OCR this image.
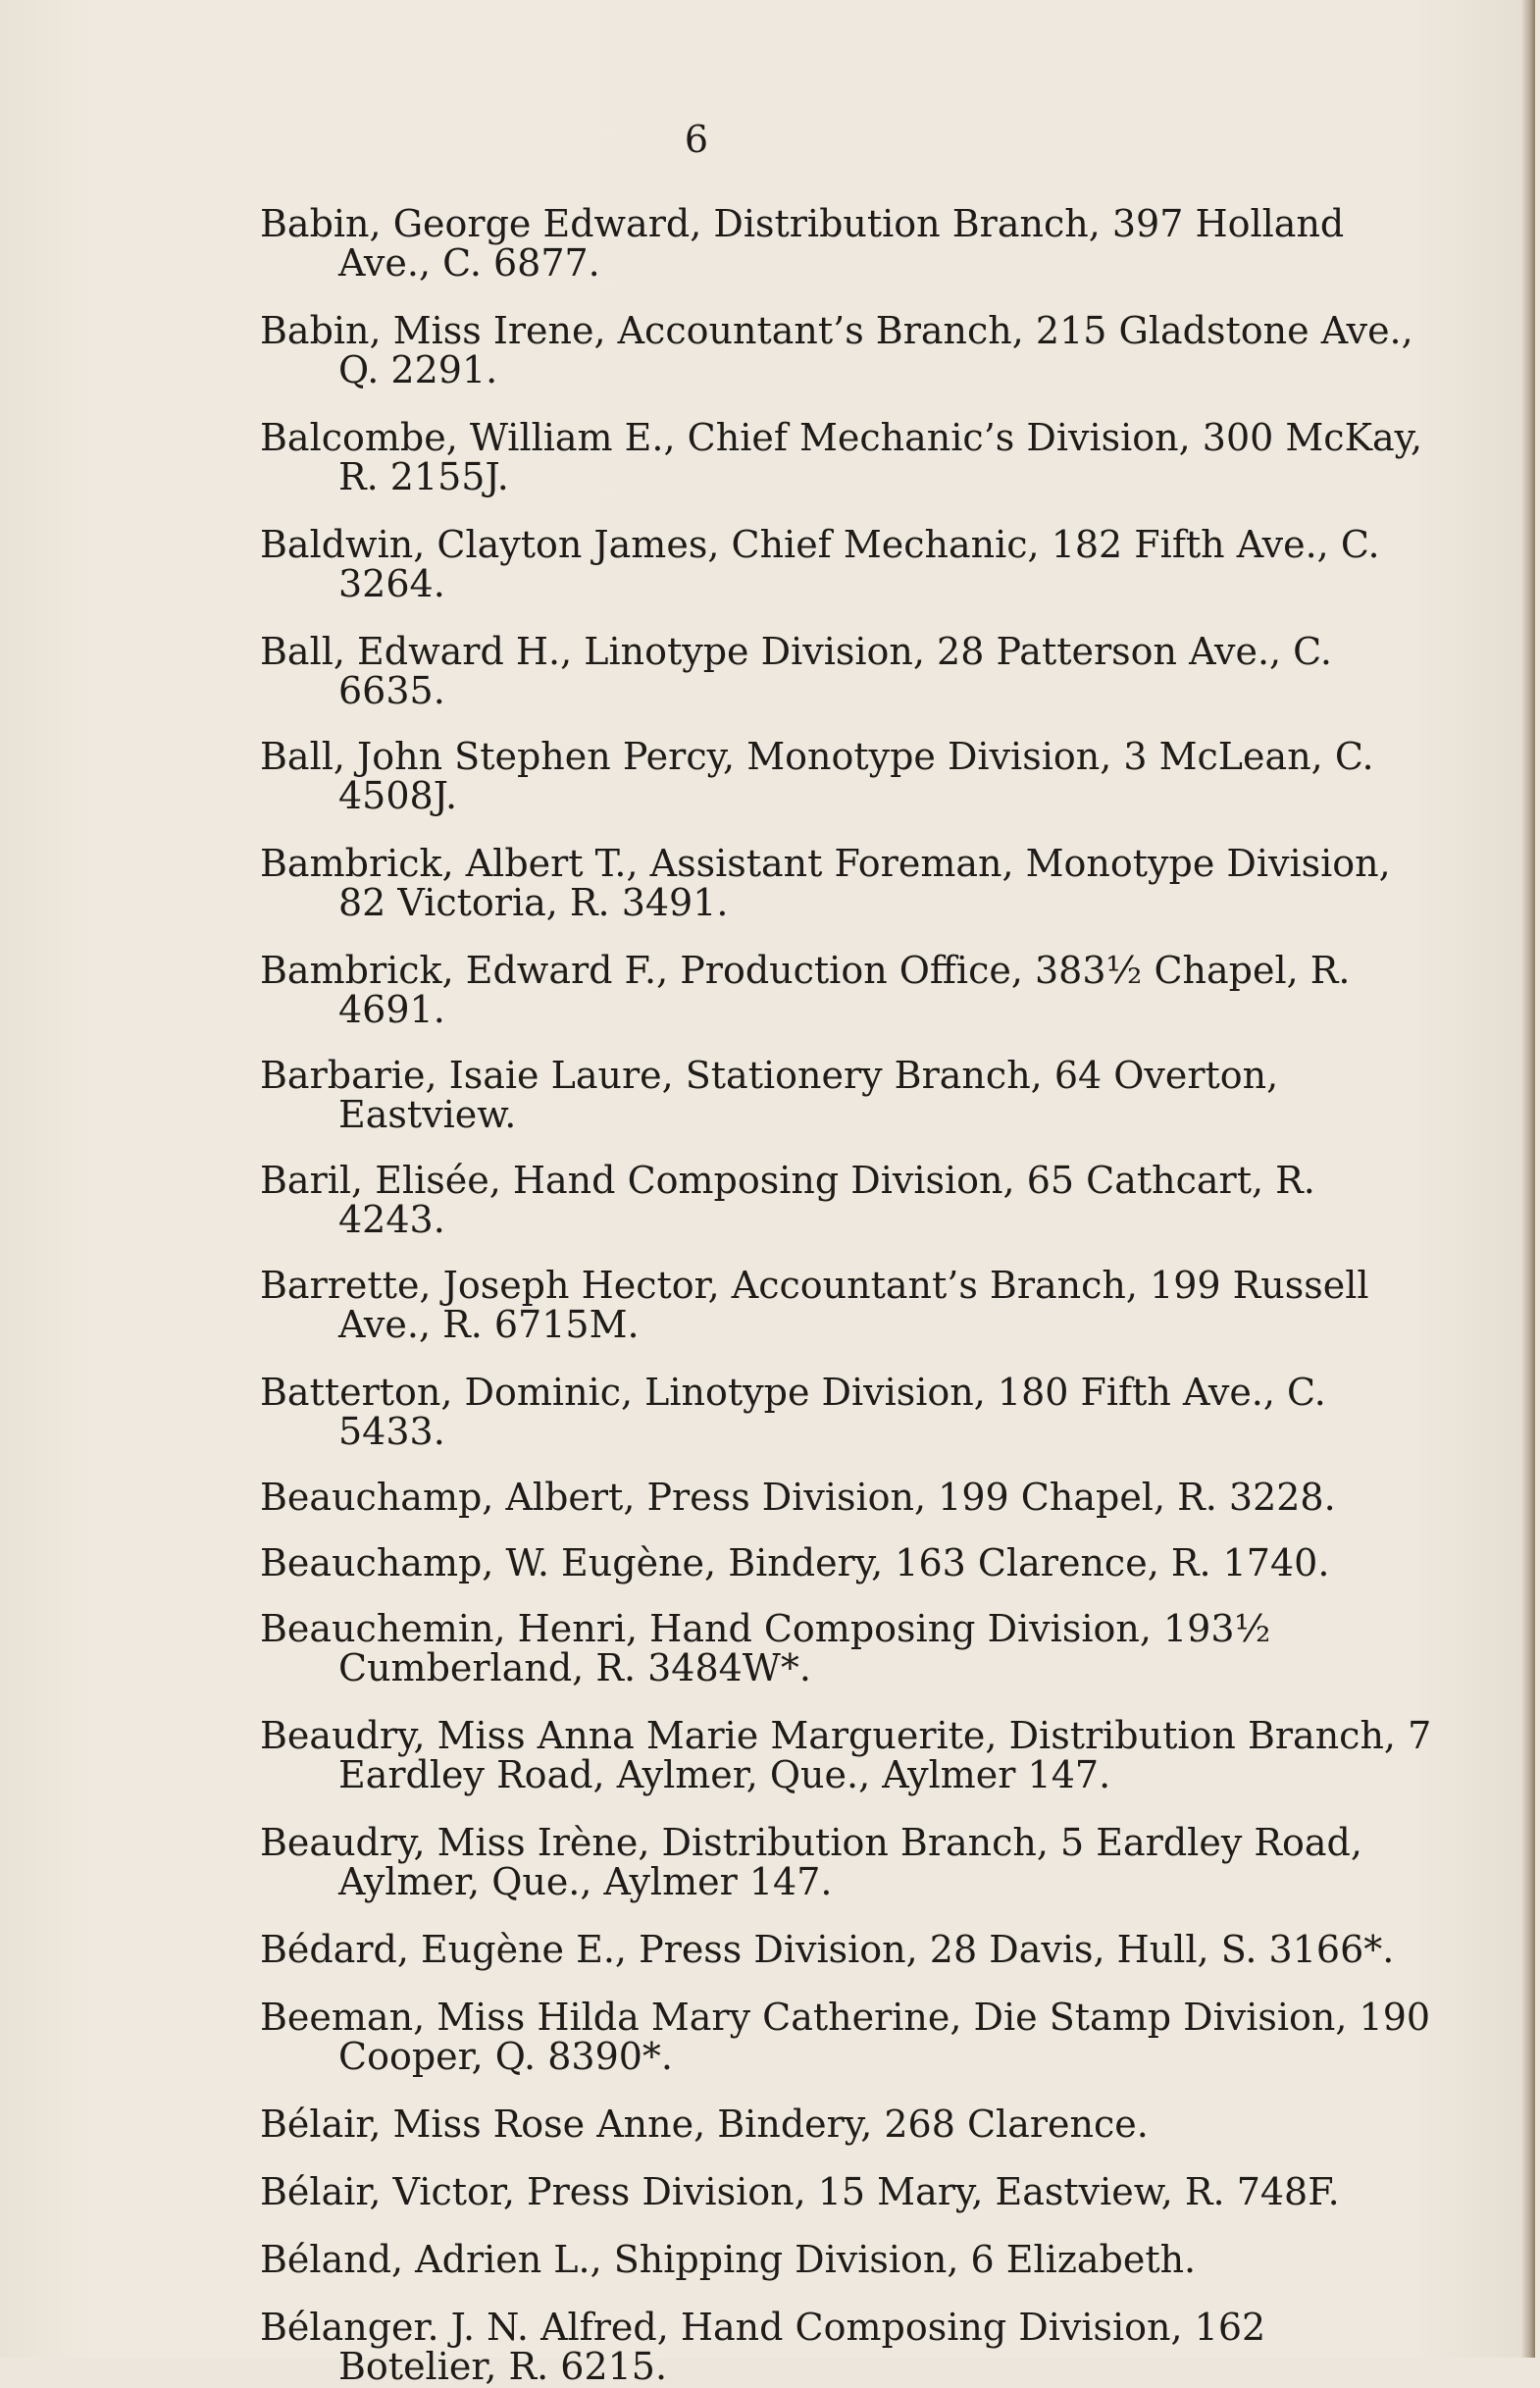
6

Babin, George Edward, Distribution Branch, 397 Holland Ave., C. 6877.

Babin, Miss Irene, Accountant’s Branch, 215 Gladstone Ave., Q. 2291.

Balcombe, William E., Chief Mechanic’s Division, 300 McKay, R. 2155J.

Baldwin, Clayton James, Chief Mechanic, 182 Fifth Ave., C. 3264.

Ball, Edward H., Linotype Division, 28 Patterson Ave., C. 6635.

Ball, John Stephen Percy, Monotype Division, 3 McLean, C. 4508J.

Bambrick, Albert T., Assistant Foreman, Monotype Division, 82 Victoria, R. 3491.

Bambrick, Edward F., Production Office, 383½ Chapel, R. 4691.

Barbarie, Isaie Laure, Stationery Branch, 64 Overton, Eastview.

Baril, Elisée, Hand Composing Division, 65 Cathcart, R. 4243.

Barrette, Joseph Hector, Accountant’s Branch, 199 Russell Ave., R. 6715M.

Batterton, Dominic, Linotype Division, 180 Fifth Ave., C. 5433.

Beauchamp, Albert, Press Division, 199 Chapel, R. 3228.

Beauchamp, W. Eugène, Bindery, 163 Clarence, R. 1740.

Beauchemin, Henri, Hand Composing Division, 193½ Cumberland, R. 3484W*.

Beaudry, Miss Anna Marie Marguerite, Distribution Branch, 7 Eardley Road, Aylmer, Que., Aylmer 147.

Beaudry, Miss Irène, Distribution Branch, 5 Eardley Road, Aylmer, Que., Aylmer 147.

Bédard, Eugène E., Press Division, 28 Davis, Hull, S. 3166*.

Beeman, Miss Hilda Mary Catherine, Die Stamp Division, 190 Cooper, Q. 8390*.

Bélair, Miss Rose Anne, Bindery, 268 Clarence.

Bélair, Victor, Press Division, 15 Mary, Eastview, R. 748F.

Béland, Adrien L., Shipping Division, 6 Elizabeth.

Bélanger. J. N. Alfred, Hand Composing Division, 162 Botelier, R. 6215.
